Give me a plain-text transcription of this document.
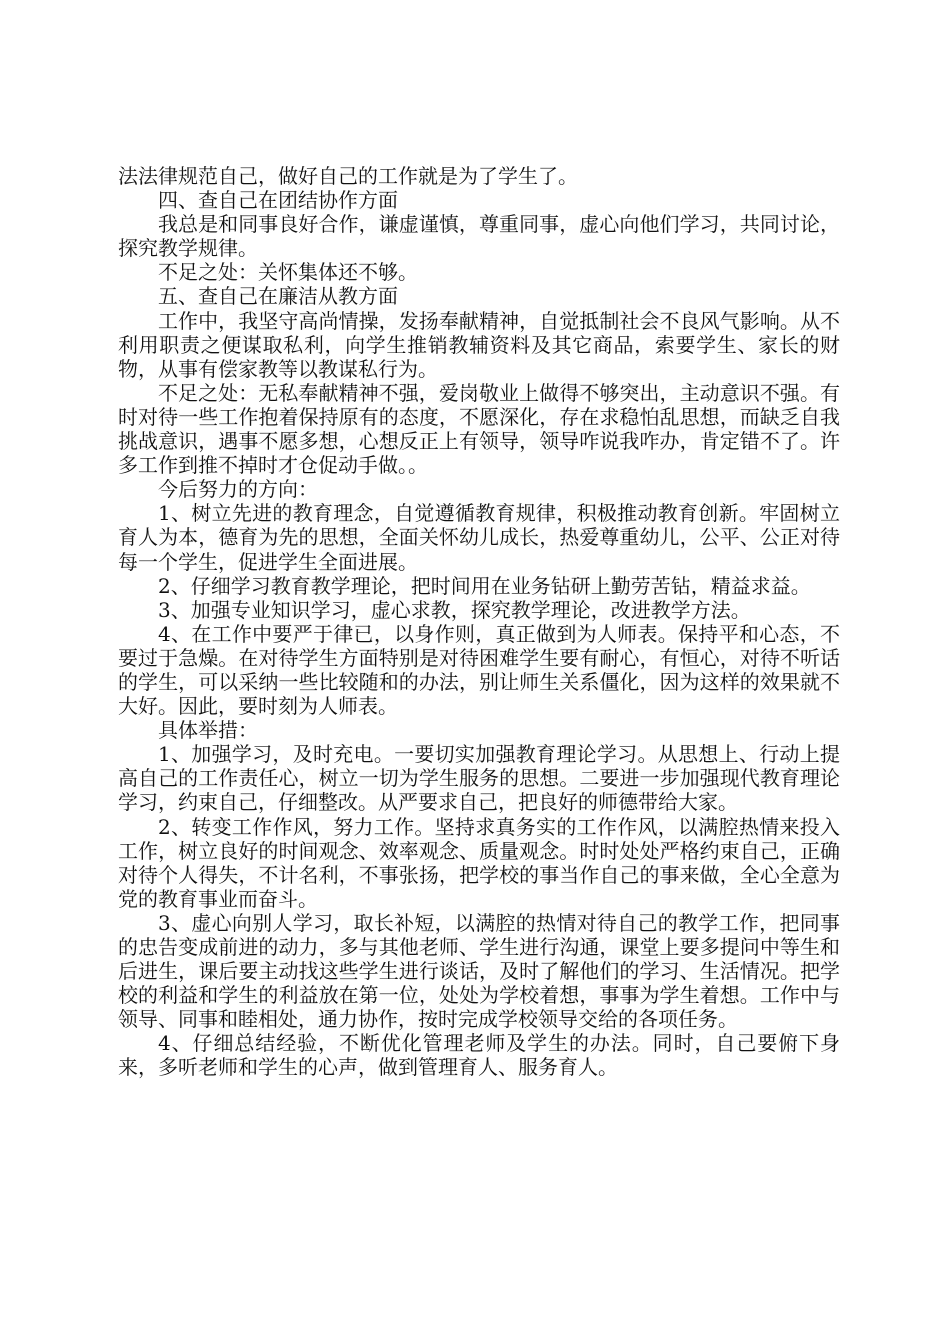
法法律规范自己，做好自己的工作就是为了学生了。

四、查自己在团结协作方面

我总是和同事良好合作，谦虚谨慎，尊重同事，虚心向他们学习，共同讨论，探究教学规律。

不足之处：关怀集体还不够。

五、查自己在廉洁从教方面

工作中，我坚守高尚情操，发扬奉献精神，自觉抵制社会不良风气影响。从不利用职责之便谋取私利，向学生推销教辅资料及其它商品，索要学生、家长的财物，从事有偿家教等以教谋私行为。

不足之处：无私奉献精神不强，爱岗敬业上做得不够突出，主动意识不强。有时对待一些工作抱着保持原有的态度，不愿深化，存在求稳怕乱思想，而缺乏自我挑战意识，遇事不愿多想，心想反正上有领导，领导咋说我咋办，肯定错不了。许多工作到推不掉时才仓促动手做。。

今后努力的方向：

1、树立先进的教育理念，自觉遵循教育规律，积极推动教育创新。牢固树立育人为本，德育为先的思想，全面关怀幼儿成长，热爱尊重幼儿，公平、公正对待每一个学生，促进学生全面进展。

2、仔细学习教育教学理论，把时间用在业务钻研上勤劳苦钻，精益求益。

3、加强专业知识学习，虚心求教，探究教学理论，改进教学方法。

4、在工作中要严于律已，以身作则，真正做到为人师表。保持平和心态，不要过于急燥。在对待学生方面特别是对待困难学生要有耐心，有恒心，对待不听话的学生，可以采纳一些比较随和的办法，别让师生关系僵化，因为这样的效果就不大好。因此，要时刻为人师表。

具体举措：

1、加强学习，及时充电。一要切实加强教育理论学习。从思想上、行动上提高自己的工作责任心，树立一切为学生服务的思想。二要进一步加强现代教育理论学习，约束自己，仔细整改。从严要求自己，把良好的师德带给大家。

2、转变工作作风，努力工作。坚持求真务实的工作作风，以满腔热情来投入工作，树立良好的时间观念、效率观念、质量观念。时时处处严格约束自己，正确对待个人得失，不计名利，不事张扬，把学校的事当作自己的事来做，全心全意为党的教育事业而奋斗。

3、虚心向别人学习，取长补短，以满腔的热情对待自己的教学工作，把同事的忠告变成前进的动力，多与其他老师、学生进行沟通，课堂上要多提问中等生和后进生，课后要主动找这些学生进行谈话，及时了解他们的学习、生活情况。把学校的利益和学生的利益放在第一位，处处为学校着想，事事为学生着想。工作中与领导、同事和睦相处，通力协作，按时完成学校领导交给的各项任务。

4、仔细总结经验，不断优化管理老师及学生的办法。同时，自己要俯下身来，多听老师和学生的心声，做到管理育人、服务育人。
